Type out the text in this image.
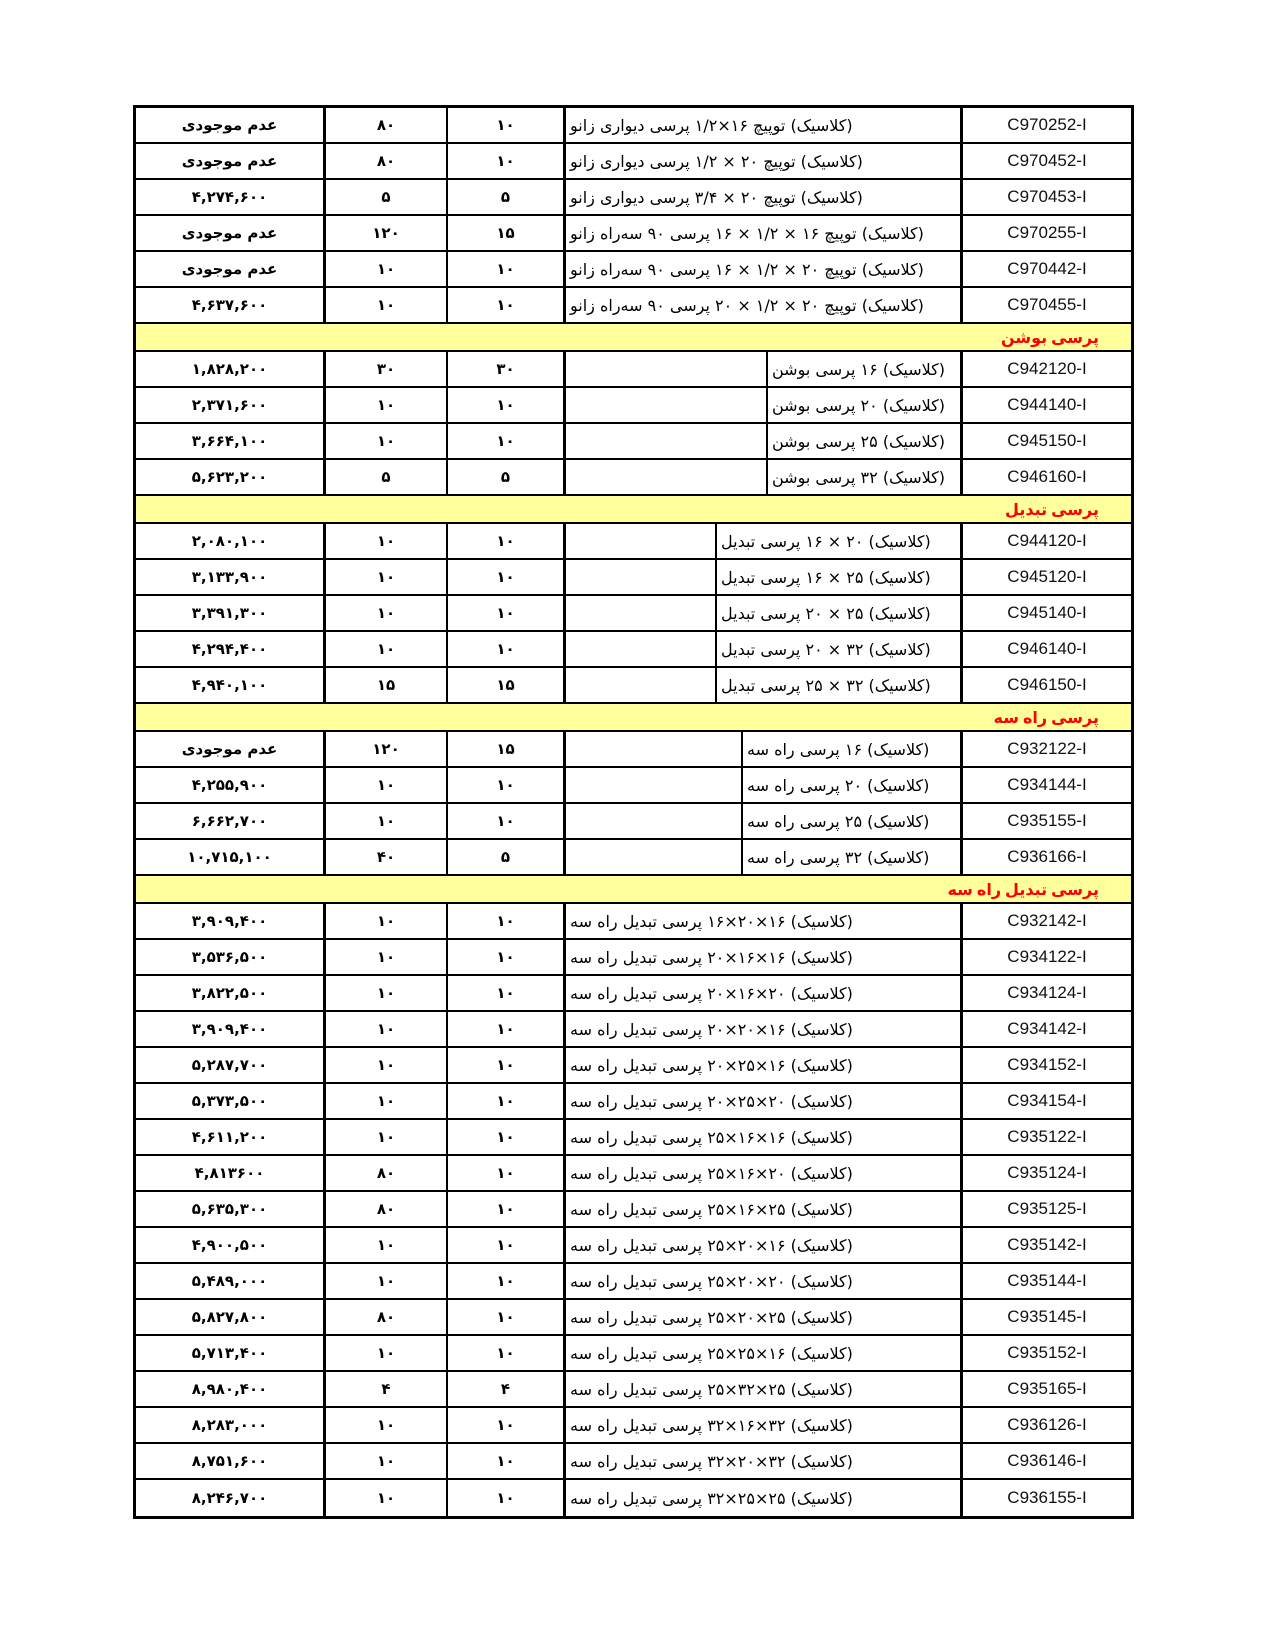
عدم موجودی	۸۰	۱۰	زانو دیواری پرسی ۱/۲×۱۶ توپیچ (کلاسیک)	C970252-I
عدم موجودی	۸۰	۱۰	زانو دیواری پرسی ۱/۲ × ۲۰ توپیچ (کلاسیک)	C970452-I
۴,۲۷۴,۶۰۰	۵	۵	زانو دیواری پرسی ۳/۴ × ۲۰ توپیچ (کلاسیک)	C970453-I
عدم موجودی	۱۲۰	۱۵	زانو سه‌راه ۹۰ پرسی ۱۶ × ۱/۲ × ۱۶ توپیچ (کلاسیک)	C970255-I
عدم موجودی	۱۰	۱۰	زانو سه‌راه ۹۰ پرسی ۱۶ × ۱/۲ × ۲۰ توپیچ (کلاسیک)	C970442-I
۴,۶۳۷,۶۰۰	۱۰	۱۰	زانو سه‌راه ۹۰ پرسی ۲۰ × ۱/۲ × ۲۰ توپیچ (کلاسیک)	C970455-I
بوشن پرسی
۱,۸۲۸,۲۰۰	۳۰	۳۰	بوشن پرسی ۱۶ (کلاسیک)	C942120-I
۲,۳۷۱,۶۰۰	۱۰	۱۰	بوشن پرسی ۲۰ (کلاسیک)	C944140-I
۳,۶۶۴,۱۰۰	۱۰	۱۰	بوشن پرسی ۲۵ (کلاسیک)	C945150-I
۵,۶۲۳,۲۰۰	۵	۵	بوشن پرسی ۳۲ (کلاسیک)	C946160-I
تبدیل پرسی
۲,۰۸۰,۱۰۰	۱۰	۱۰	تبدیل پرسی ۱۶ × ۲۰ (کلاسیک)	C944120-I
۳,۱۳۳,۹۰۰	۱۰	۱۰	تبدیل پرسی ۱۶ × ۲۵ (کلاسیک)	C945120-I
۳,۳۹۱,۳۰۰	۱۰	۱۰	تبدیل پرسی ۲۰ × ۲۵ (کلاسیک)	C945140-I
۴,۲۹۴,۴۰۰	۱۰	۱۰	تبدیل پرسی ۲۰ × ۳۲ (کلاسیک)	C946140-I
۴,۹۴۰,۱۰۰	۱۵	۱۵	تبدیل پرسی ۲۵ × ۳۲ (کلاسیک)	C946150-I
سه راه پرسی
عدم موجودی	۱۲۰	۱۵	سه راه پرسی ۱۶ (کلاسیک)	C932122-I
۴,۲۵۵,۹۰۰	۱۰	۱۰	سه راه پرسی ۲۰ (کلاسیک)	C934144-I
۶,۶۶۲,۷۰۰	۱۰	۱۰	سه راه پرسی ۲۵ (کلاسیک)	C935155-I
۱۰,۷۱۵,۱۰۰	۴۰	۵	سه راه پرسی ۳۲ (کلاسیک)	C936166-I
سه راه تبدیل پرسی
۳,۹۰۹,۴۰۰	۱۰	۱۰	سه راه تبدیل پرسی ۱۶×۲۰×۱۶ (کلاسیک)	C932142-I
۳,۵۳۶,۵۰۰	۱۰	۱۰	سه راه تبدیل پرسی ۲۰×۱۶×۱۶ (کلاسیک)	C934122-I
۳,۸۲۲,۵۰۰	۱۰	۱۰	سه راه تبدیل پرسی ۲۰×۱۶×۲۰ (کلاسیک)	C934124-I
۳,۹۰۹,۴۰۰	۱۰	۱۰	سه راه تبدیل پرسی ۲۰×۲۰×۱۶ (کلاسیک)	C934142-I
۵,۲۸۷,۷۰۰	۱۰	۱۰	سه راه تبدیل پرسی ۲۰×۲۵×۱۶ (کلاسیک)	C934152-I
۵,۳۷۳,۵۰۰	۱۰	۱۰	سه راه تبدیل پرسی ۲۰×۲۵×۲۰ (کلاسیک)	C934154-I
۴,۶۱۱,۲۰۰	۱۰	۱۰	سه راه تبدیل پرسی ۲۵×۱۶×۱۶ (کلاسیک)	C935122-I
۴,۸۱۳۶۰۰	۸۰	۱۰	سه راه تبدیل پرسی ۲۵×۱۶×۲۰ (کلاسیک)	C935124-I
۵,۶۳۵,۳۰۰	۸۰	۱۰	سه راه تبدیل پرسی ۲۵×۱۶×۲۵ (کلاسیک)	C935125-I
۴,۹۰۰,۵۰۰	۱۰	۱۰	سه راه تبدیل پرسی ۲۵×۲۰×۱۶ (کلاسیک)	C935142-I
۵,۴۸۹,۰۰۰	۱۰	۱۰	سه راه تبدیل پرسی ۲۵×۲۰×۲۰ (کلاسیک)	C935144-I
۵,۸۲۷,۸۰۰	۸۰	۱۰	سه راه تبدیل پرسی ۲۵×۲۰×۲۵ (کلاسیک)	C935145-I
۵,۷۱۳,۴۰۰	۱۰	۱۰	سه راه تبدیل پرسی ۲۵×۲۵×۱۶ (کلاسیک)	C935152-I
۸,۹۸۰,۴۰۰	۴	۴	سه راه تبدیل پرسی ۲۵×۳۲×۲۵ (کلاسیک)	C935165-I
۸,۲۸۳,۰۰۰	۱۰	۱۰	سه راه تبدیل پرسی ۳۲×۱۶×۳۲ (کلاسیک)	C936126-I
۸,۷۵۱,۶۰۰	۱۰	۱۰	سه راه تبدیل پرسی ۳۲×۲۰×۳۲ (کلاسیک)	C936146-I
۸,۲۴۶,۷۰۰	۱۰	۱۰	سه راه تبدیل پرسی ۳۲×۲۵×۲۵ (کلاسیک)	C936155-I
